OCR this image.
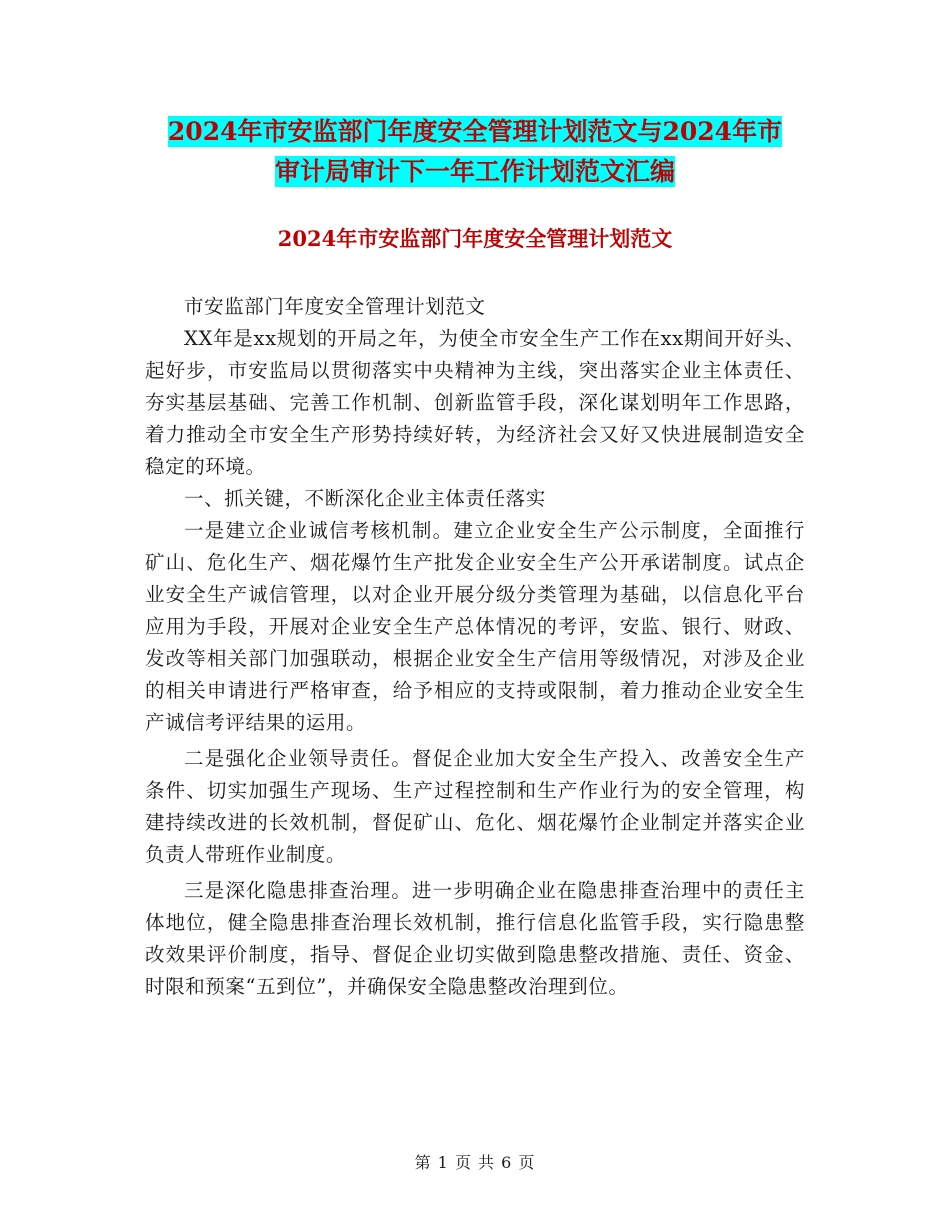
2024年市安监部门年度安全管理计划范文与2024年市
审计局审计下一年工作计划范文汇编
2024年市安监部门年度安全管理计划范文

市安监部门年度安全管理计划范文

XX年是xx规划的开局之年，为使全市安全生产工作在xx期间开好头、起好步，市安监局以贯彻落实中央精神为主线，突出落实企业主体责任、夯实基层基础、完善工作机制、创新监管手段，深化谋划明年工作思路，着力推动全市安全生产形势持续好转，为经济社会又好又快进展制造安全稳定的环境。

一、抓关键，不断深化企业主体责任落实

一是建立企业诚信考核机制。建立企业安全生产公示制度，全面推行矿山、危化生产、烟花爆竹生产批发企业安全生产公开承诺制度。试点企业安全生产诚信管理，以对企业开展分级分类管理为基础，以信息化平台应用为手段，开展对企业安全生产总体情况的考评，安监、银行、财政、发改等相关部门加强联动，根据企业安全生产信用等级情况，对涉及企业的相关申请进行严格审查，给予相应的支持或限制，着力推动企业安全生产诚信考评结果的运用。

二是强化企业领导责任。督促企业加大安全生产投入、改善安全生产条件、切实加强生产现场、生产过程控制和生产作业行为的安全管理，构建持续改进的长效机制，督促矿山、危化、烟花爆竹企业制定并落实企业负责人带班作业制度。

三是深化隐患排查治理。进一步明确企业在隐患排查治理中的责任主体地位，健全隐患排查治理长效机制，推行信息化监管手段，实行隐患整改效果评价制度，指导、督促企业切实做到隐患整改措施、责任、资金、时限和预案“五到位”，并确保安全隐患整改治理到位。

第 1 页 共 6 页
